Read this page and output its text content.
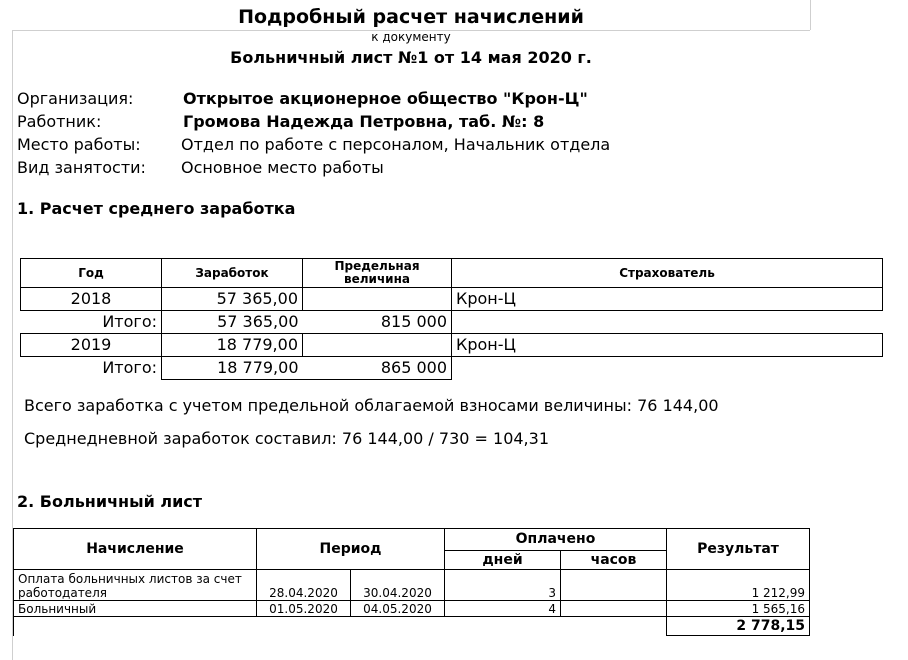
Подробный расчет начислений
к документу
Больничный лист №1 от 14 мая 2020 г.
Организация:	Открытое акционерное общество "Крон-Ц"
Работник:	Громова Надежда Петровна, таб. №: 8
Место работы:	Отдел по работе с персоналом, Начальник отдела
Вид занятости: Основное место работы
1. Расчет среднего заработка
Год	Заработок	Предельная величина	Страхователь
2018	57 365,00		Крон-Ц
Итого:	57 365,00	815 000	
2019	18 779,00		Крон-Ц
Итого:	18 779,00	865 000	
Всего заработка с учетом предельной облагаемой взносами величины: 76 144,00
Среднедневной заработок составил: 76 144,00 / 730 = 104,31
2. Больничный лист
Начисление	Период		Оплачено		Результат
			дней	часов	
Оплата больничных листов за счет работодателя	28.04.2020	30.04.2020	3		1 212,99
Больничный	01.05.2020	04.05.2020	4		1 565,16
					2 778,15
